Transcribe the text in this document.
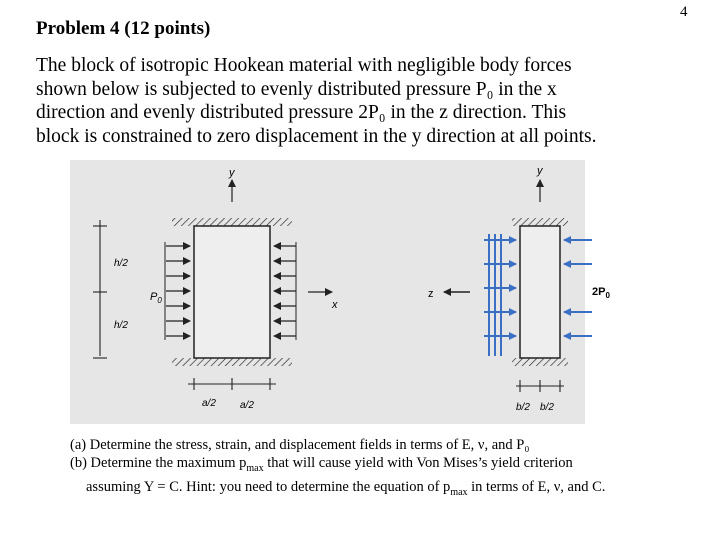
4
Problem 4 (12 points)
The block of isotropic Hookean material with negligible body forces
shown below is subjected to evenly distributed pressure P₀ in the x
direction and evenly distributed pressure 2P₀ in the z direction. This
block is constrained to zero displacement in the y direction at all points.
y
$P_0$	x
h/2
h/2
a/2 a/2
y
$2P_0$
z
b/2 b/2
(a) Determine the stress, strain, and displacement fields in terms of E, ν, and P₀
(b) Determine the maximum $p_{max}$ that will cause yield with Von Mises’s yield criterion
assuming Y = C. Hint: you need to determine the equation of $p_{max}$ in terms of E, ν, and C.
